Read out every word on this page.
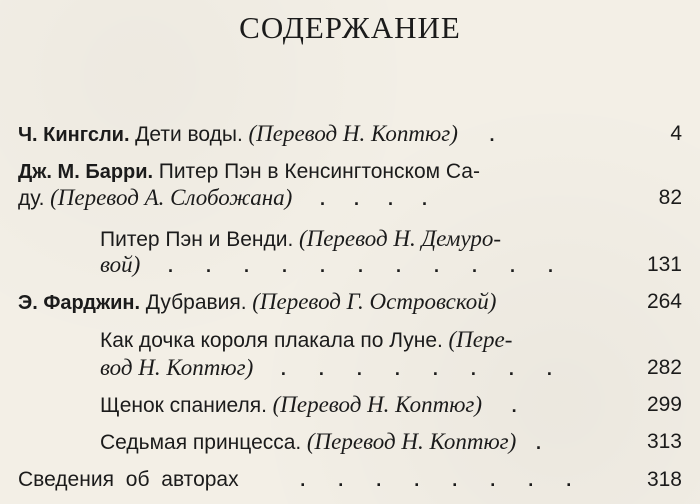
СОДЕРЖАНИЕ
Ч. Кингсли. Дети воды. (Перевод Н. Коптюг) .	4
Дж. М. Барри. Питер Пэн в Кенсингтонском Са-
ду. (Перевод А. Слобожана) . . . .	82
Питер Пэн и Венди. (Перевод Н. Демуро-
вой) . . . . . . . . . . .	131
Э. Фарджин. Дубравия. (Перевод Г. Островской)	264
Как дочка короля плакала по Луне. (Пере-
вод Н. Коптюг) . . . . . . . .	282
Щенок спаниеля. (Перевод Н. Коптюг) .	299
Седьмая принцесса. (Перевод Н. Коптюг) .	313
Сведения об авторах	. . . . . . . .	318
